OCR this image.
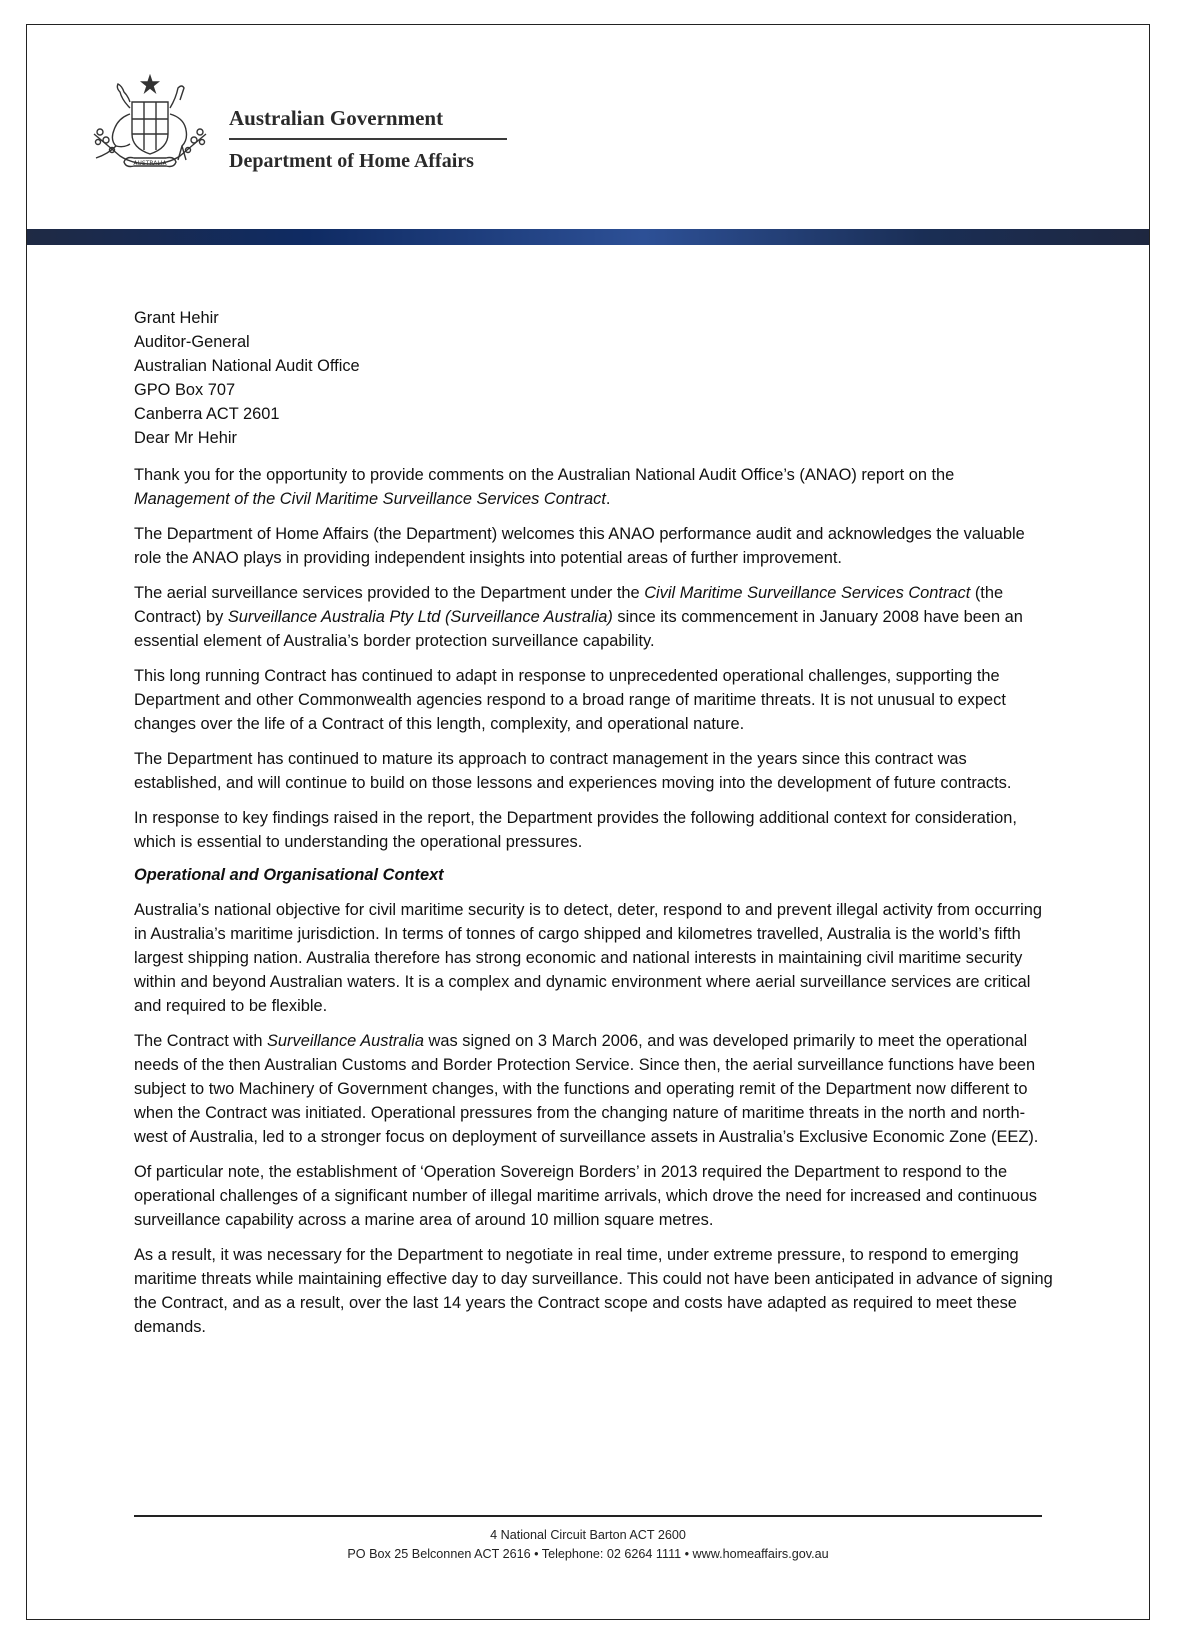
AUSTRALIA
Australian Government
Department of Home Affairs
Grant Hehir
Auditor-General
Australian National Audit Office
GPO Box 707
Canberra ACT 2601

Dear Mr Hehir

Thank you for the opportunity to provide comments on the Australian National Audit Office’s (ANAO) report on the Management of the Civil Maritime Surveillance Services Contract.

The Department of Home Affairs (the Department) welcomes this ANAO performance audit and acknowledges the valuable role the ANAO plays in providing independent insights into potential areas of further improvement.

The aerial surveillance services provided to the Department under the Civil Maritime Surveillance Services Contract (the Contract) by Surveillance Australia Pty Ltd (Surveillance Australia) since its commencement in January 2008 have been an essential element of Australia’s border protection surveillance capability.

This long running Contract has continued to adapt in response to unprecedented operational challenges, supporting the Department and other Commonwealth agencies respond to a broad range of maritime threats. It is not unusual to expect changes over the life of a Contract of this length, complexity, and operational nature.

The Department has continued to mature its approach to contract management in the years since this contract was established, and will continue to build on those lessons and experiences moving into the development of future contracts.

In response to key findings raised in the report, the Department provides the following additional context for consideration, which is essential to understanding the operational pressures.

Operational and Organisational Context

Australia’s national objective for civil maritime security is to detect, deter, respond to and prevent illegal activity from occurring in Australia’s maritime jurisdiction. In terms of tonnes of cargo shipped and kilometres travelled, Australia is the world’s fifth largest shipping nation. Australia therefore has strong economic and national interests in maintaining civil maritime security within and beyond Australian waters. It is a complex and dynamic environment where aerial surveillance services are critical and required to be flexible.

The Contract with Surveillance Australia was signed on 3 March 2006, and was developed primarily to meet the operational needs of the then Australian Customs and Border Protection Service. Since then, the aerial surveillance functions have been subject to two Machinery of Government changes, with the functions and operating remit of the Department now different to when the Contract was initiated. Operational pressures from the changing nature of maritime threats in the north and north-west of Australia, led to a stronger focus on deployment of surveillance assets in Australia’s Exclusive Economic Zone (EEZ).

Of particular note, the establishment of ‘Operation Sovereign Borders’ in 2013 required the Department to respond to the operational challenges of a significant number of illegal maritime arrivals, which drove the need for increased and continuous surveillance capability across a marine area of around 10 million square metres.

As a result, it was necessary for the Department to negotiate in real time, under extreme pressure, to respond to emerging maritime threats while maintaining effective day to day surveillance. This could not have been anticipated in advance of signing the Contract, and as a result, over the last 14 years the Contract scope and costs have adapted as required to meet these demands.

4 National Circuit Barton ACT 2600
PO Box 25 Belconnen ACT 2616 • Telephone: 02 6264 1111 • www.homeaffairs.gov.au
